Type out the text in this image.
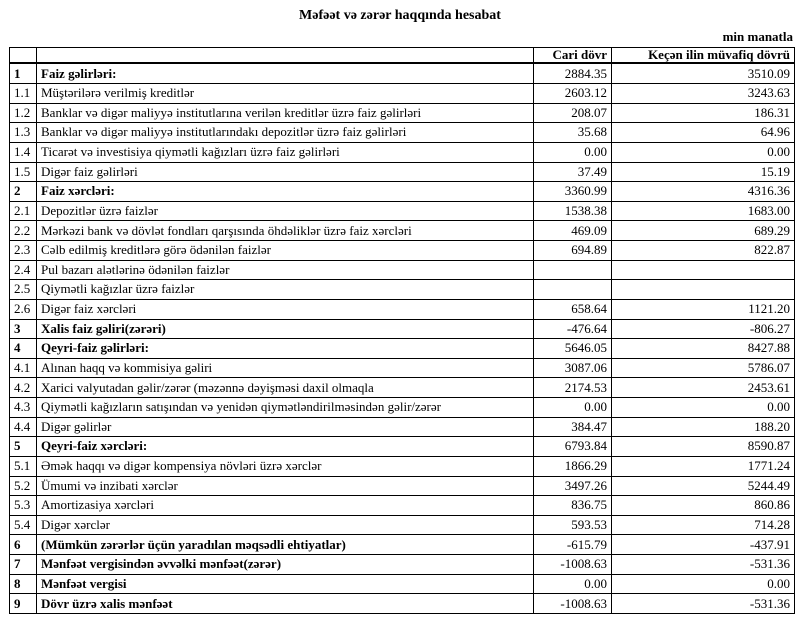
Məfəət və zərər haqqında hesabat
min manatla
		Cari dövr	Keçən ilin müvafiq dövrü
1	Faiz gəlirləri:	2884.35	3510.09
1.1	Müştərilərə verilmiş kreditlər	2603.12	3243.63
1.2	Banklar və digər maliyyə institutlarına verilən kreditlər üzrə faiz gəlirləri	208.07	186.31
1.3	Banklar və digər maliyyə institutlarındakı depozitlər üzrə faiz gəlirləri	35.68	64.96
1.4	Ticarət və investisiya qiymətli kağızları üzrə faiz gəlirləri	0.00	0.00
1.5	Digər faiz gəlirləri	37.49	15.19
2	Faiz xərcləri:	3360.99	4316.36
2.1	Depozitlər üzrə faizlər	1538.38	1683.00
2.2	Mərkəzi bank və dövlət fondları qarşısında öhdəliklər üzrə faiz xərcləri	469.09	689.29
2.3	Cəlb edilmiş kreditlərə görə ödənilən faizlər	694.89	822.87
2.4	Pul bazarı alətlərinə ödənilən faizlər		
2.5	Qiymətli kağızlar üzrə faizlər		
2.6	Digər faiz xərcləri	658.64	1121.20
3	Xalis faiz gəliri(zərəri)	-476.64	-806.27
4	Qeyri-faiz gəlirləri:	5646.05	8427.88
4.1	Alınan haqq və kommisiya gəliri	3087.06	5786.07
4.2	Xarici valyutadan gəlir/zərər (məzənnə dəyişməsi daxil olmaqla	2174.53	2453.61
4.3	Qiymətli kağızların satışından və yenidən qiymətləndirilməsindən gəlir/zərər	0.00	0.00
4.4	Digər gəlirlər	384.47	188.20
5	Qeyri-faiz xərcləri:	6793.84	8590.87
5.1	Əmək haqqı və digər kompensiya növləri üzrə xərclər	1866.29	1771.24
5.2	Ümumi və inzibati xərclər	3497.26	5244.49
5.3	Amortizasiya xərcləri	836.75	860.86
5.4	Digər xərclər	593.53	714.28
6	(Mümkün zərərlər üçün yaradılan məqsədli ehtiyatlar)	-615.79	-437.91
7	Mənfəət vergisindən əvvəlki mənfəət(zərər)	-1008.63	-531.36
8	Mənfəət vergisi	0.00	0.00
9	Dövr üzrə xalis mənfəət	-1008.63	-531.36
